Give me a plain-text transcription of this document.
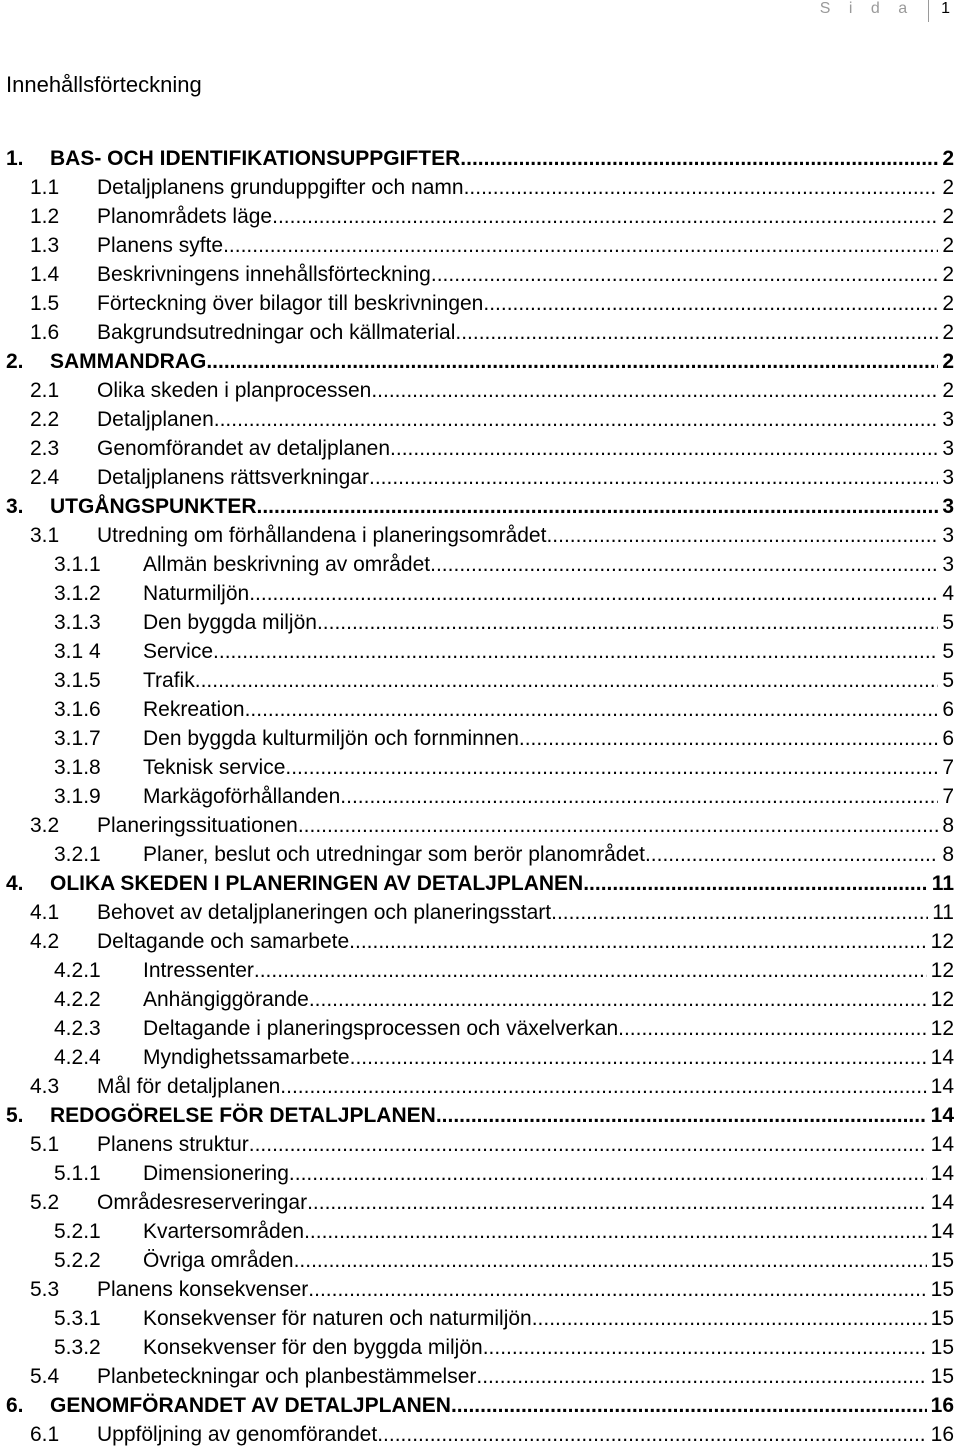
S i d a	1
Innehållsförteckning
1. BAS- OCH IDENTIFIKATIONSUPPGIFTER .....	2
1.1 Detaljplanens grunduppgifter och namn .....	2
1.2 Planområdets läge .....	2
1.3 Planens syfte .....	2
1.4 Beskrivningens innehållsförteckning .....	2
1.5 Förteckning över bilagor till beskrivningen .....	2
1.6 Bakgrundsutredningar och källmaterial .....	2
2. SAMMANDRAG .....	2
2.1 Olika skeden i planprocessen .....	2
2.2 Detaljplanen .....	3
2.3 Genomförandet av detaljplanen .....	3
2.4 Detaljplanens rättsverkningar .....	3
3. UTGÅNGSPUNKTER .....	3
3.1 Utredning om förhållandena i planeringsområdet .....	3
3.1.1 Allmän beskrivning av området .....	3
3.1.2 Naturmiljön .....	4
3.1.3 Den byggda miljön .....	5
3.1 4 Service .....	5
3.1.5 Trafik .....	5
3.1.6 Rekreation .....	6
3.1.7 Den byggda kulturmiljön och fornminnen .....	6
3.1.8 Teknisk service .....	7
3.1.9 Markägoförhållanden .....	7
3.2 Planeringssituationen .....	8
3.2.1 Planer, beslut och utredningar som berör planområdet .....	8
4. OLIKA SKEDEN I PLANERINGEN AV DETALJPLANEN .....	11
4.1 Behovet av detaljplaneringen och planeringsstart .....	11
4.2 Deltagande och samarbete .....	12
4.2.1 Intressenter .....	12
4.2.2 Anhängiggörande .....	12
4.2.3 Deltagande i planeringsprocessen och växelverkan .....	12
4.2.4 Myndighetssamarbete .....	14
4.3 Mål för detaljplanen .....	14
5. REDOGÖRELSE FÖR DETALJPLANEN .....	14
5.1 Planens struktur .....	14
5.1.1 Dimensionering .....	14
5.2 Områdesreserveringar .....	14
5.2.1 Kvartersområden .....	14
5.2.2 Övriga områden .....	15
5.3 Planens konsekvenser .....	15
5.3.1 Konsekvenser för naturen och naturmiljön .....	15
5.3.2 Konsekvenser för den byggda miljön .....	15
5.4 Planbeteckningar och planbestämmelser .....	15
6. GENOMFÖRANDET AV DETALJPLANEN .....	16
6.1 Uppföljning av genomförandet .....	16
